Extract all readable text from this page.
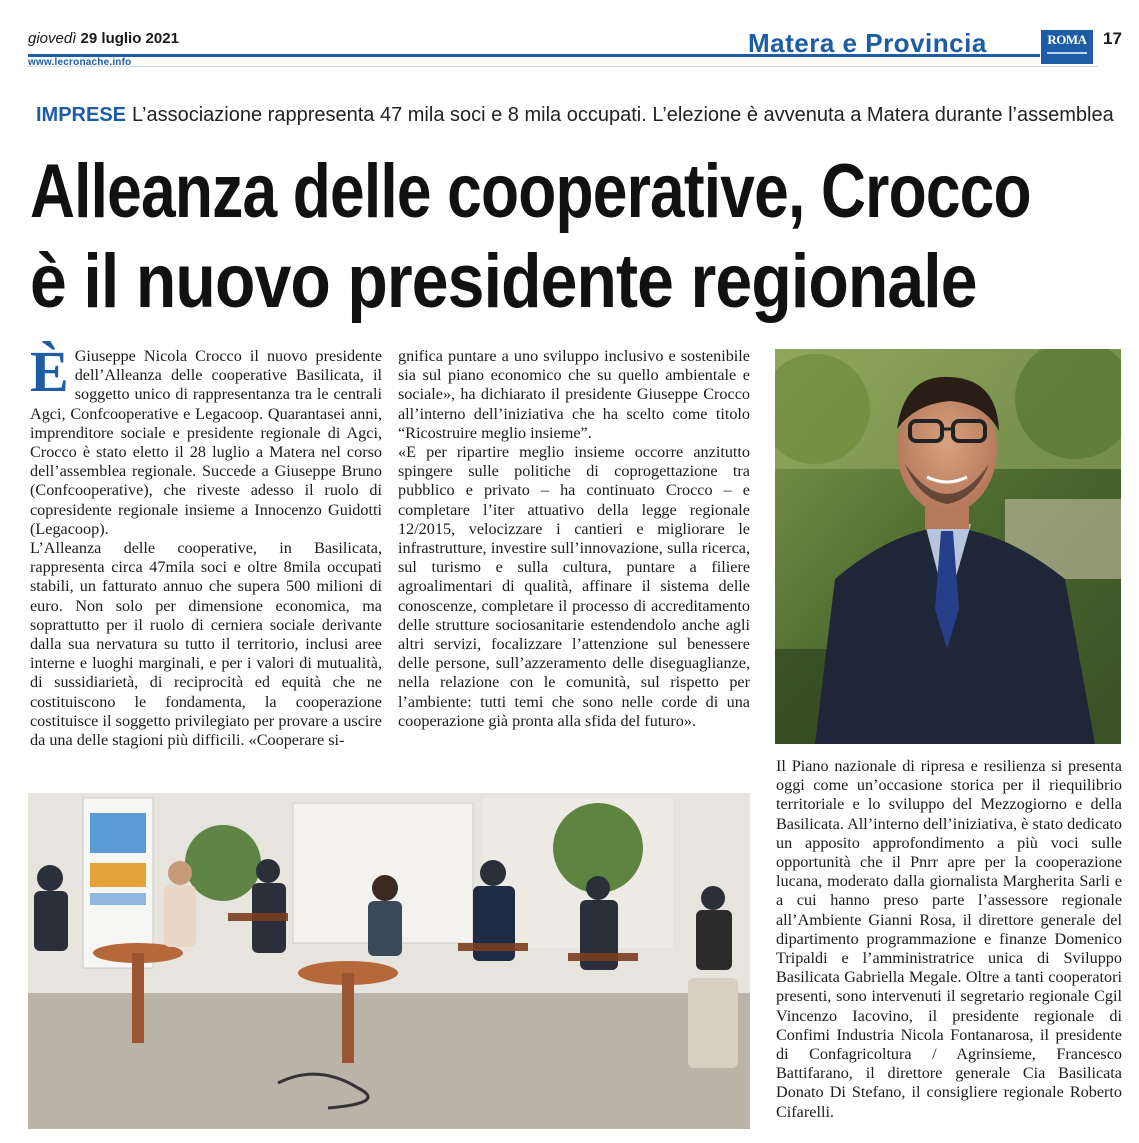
giovedì 29 luglio 2021
www.lecronache.info
Matera e Provincia	ROMA 17
IMPRESE L’associazione rappresenta 47 mila soci e 8 mila occupati. L’elezione è avvenuta a Matera durante l’assemblea
Alleanza delle cooperative, Crocco
è il nuovo presidente regionale

È Giuseppe Nicola Crocco il nuovo presidente dell’Alleanza delle cooperative Basilicata, il soggetto unico di rappresentanza tra le centrali Agci, Confcooperative e Legacoop. Quarantasei anni, imprenditore sociale e presidente regionale di Agci, Crocco è stato eletto il 28 luglio a Matera nel corso dell’assemblea regionale. Succede a Giuseppe Bruno (Confcooperative), che riveste adesso il ruolo di copresidente regionale insieme a Innocenzo Guidotti (Legacoop).

L’Alleanza delle cooperative, in Basilicata, rappresenta circa 47mila soci e oltre 8mila occupati stabili, un fatturato annuo che supera 500 milioni di euro. Non solo per dimensione economica, ma soprattutto per il ruolo di cerniera sociale derivante dalla sua nervatura su tutto il territorio, inclusi aree interne e luoghi marginali, e per i valori di mutualità, di sussidiarietà, di reciprocità ed equità che ne costituiscono le fondamenta, la cooperazione costituisce il soggetto privilegiato per provare a uscire da una delle stagioni più difficili. «Cooperare si-

gnifica puntare a uno sviluppo inclusivo e sostenibile sia sul piano economico che su quello ambientale e sociale», ha dichiarato il presidente Giuseppe Crocco all’interno dell’iniziativa che ha scelto come titolo “Ricostruire meglio insieme”.

«E per ripartire meglio insieme occorre anzitutto spingere sulle politiche di coprogettazione tra pubblico e privato – ha continuato Crocco – e completare l’iter attuativo della legge regionale 12/2015, velocizzare i cantieri e migliorare le infrastrutture, investire sull’innovazione, sulla ricerca, sul turismo e sulla cultura, puntare a filiere agroalimentari di qualità, affinare il sistema delle conoscenze, completare il processo di accreditamento delle strutture sociosanitarie estendendolo anche agli altri servizi, focalizzare l’attenzione sul benessere delle persone, sull’azzeramento delle diseguaglianze, nella relazione con le comunità, sul rispetto per l’ambiente: tutti temi che sono nelle corde di una cooperazione già pronta alla sfida del futuro».

Il Piano nazionale di ripresa e resilienza si presenta oggi come un’occasione storica per il riequilibrio territoriale e lo sviluppo del Mezzogiorno e della Basilicata. All’interno dell’iniziativa, è stato dedicato un apposito approfondimento a più voci sulle opportunità che il Pnrr apre per la cooperazione lucana, moderato dalla giornalista Margherita Sarli e a cui hanno preso parte l’assessore regionale all’Ambiente Gianni Rosa, il direttore generale del dipartimento programmazione e finanze Domenico Tripaldi e l’amministratrice unica di Sviluppo Basilicata Gabriella Megale. Oltre a tanti cooperatori presenti, sono intervenuti il segretario regionale Cgil Vincenzo Iacovino, il presidente regionale di Confimi Industria Nicola Fontanarosa, il presidente di Confagricoltura / Agrinsieme, Francesco Battifarano, il direttore generale Cia Basilicata Donato Di Stefano, il consigliere regionale Roberto Cifarelli.
